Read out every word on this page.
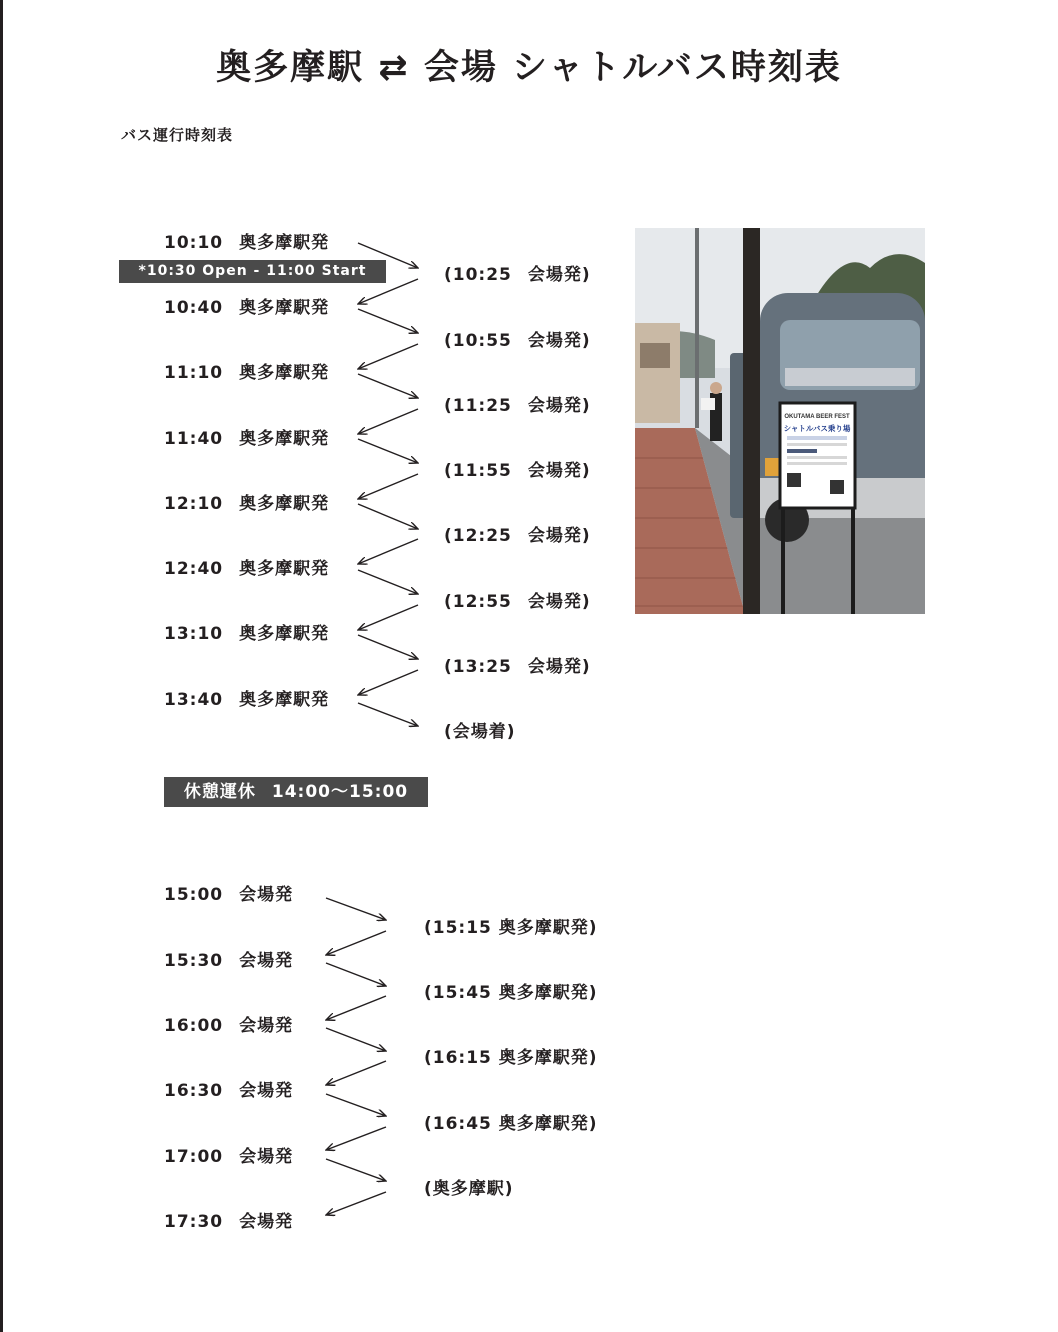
奥多摩駅 ⇄ 会場 シャトルバス時刻表
バス運行時刻表
10:10 奥多摩駅発
10:40 奥多摩駅発
11:10 奥多摩駅発
11:40 奥多摩駅発
12:10 奥多摩駅発
12:40 奥多摩駅発
13:10 奥多摩駅発
13:40 奥多摩駅発
(10:25 会場発)
(10:55 会場発)
(11:25 会場発)
(11:55 会場発)
(12:25 会場発)
(12:55 会場発)
(13:25 会場発)
(会場着)
*10:30 Open - 11:00 Start
休憩運休 14:00〜15:00
15:00 会場発
15:30 会場発
16:00 会場発
16:30 会場発
17:00 会場発
17:30 会場発
(15:15 奥多摩駅発)
(15:45 奥多摩駅発)
(16:15 奥多摩駅発)
(16:45 奥多摩駅発)
(奥多摩駅)
OKUTAMA BEER FEST
シャトルバス乗り場
